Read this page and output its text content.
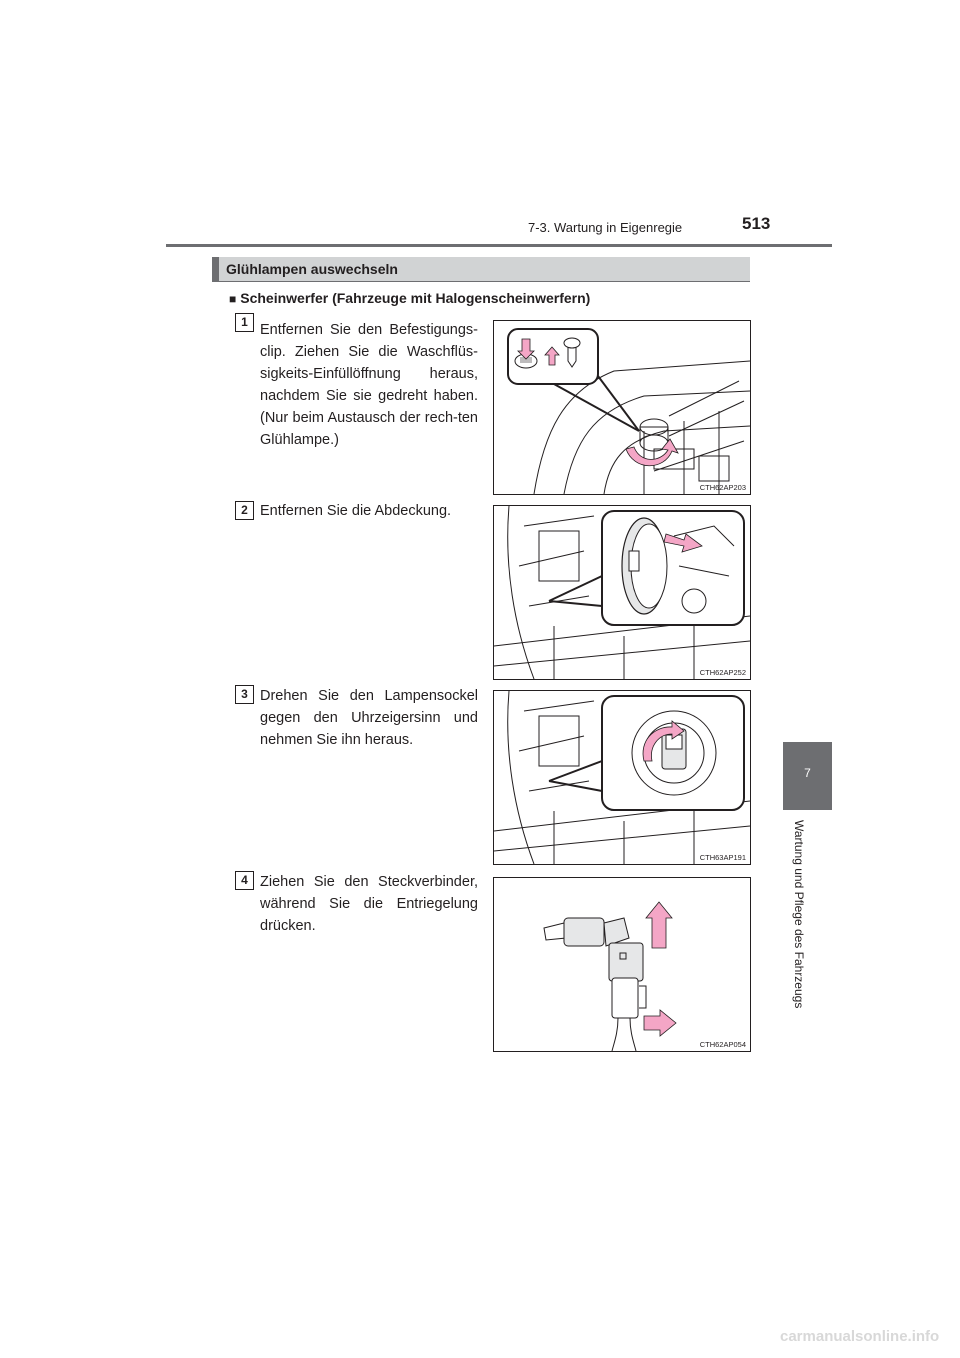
7-3. Wartung in Eigenregie	513
7
Wartung und Pflege des Fahrzeugs
Glühlampen auswechseln
■ Scheinwerfer (Fahrzeuge mit Halogenscheinwerfern)
1 Entfernen Sie den Befestigungs-clip. Ziehen Sie die Waschflüs-sigkeits-Einfüllöffnung heraus, nachdem Sie sie gedreht haben. (Nur beim Austausch der rech-ten Glühlampe.)
CTH62AP203
2 Entfernen Sie die Abdeckung.
CTH62AP252
3 Drehen Sie den Lampensockel gegen den Uhrzeigersinn und nehmen Sie ihn heraus.
CTH63AP191
4 Ziehen Sie den Steckverbinder, während Sie die Entriegelung drücken.
CTH62AP054
carmanualsonline.info
